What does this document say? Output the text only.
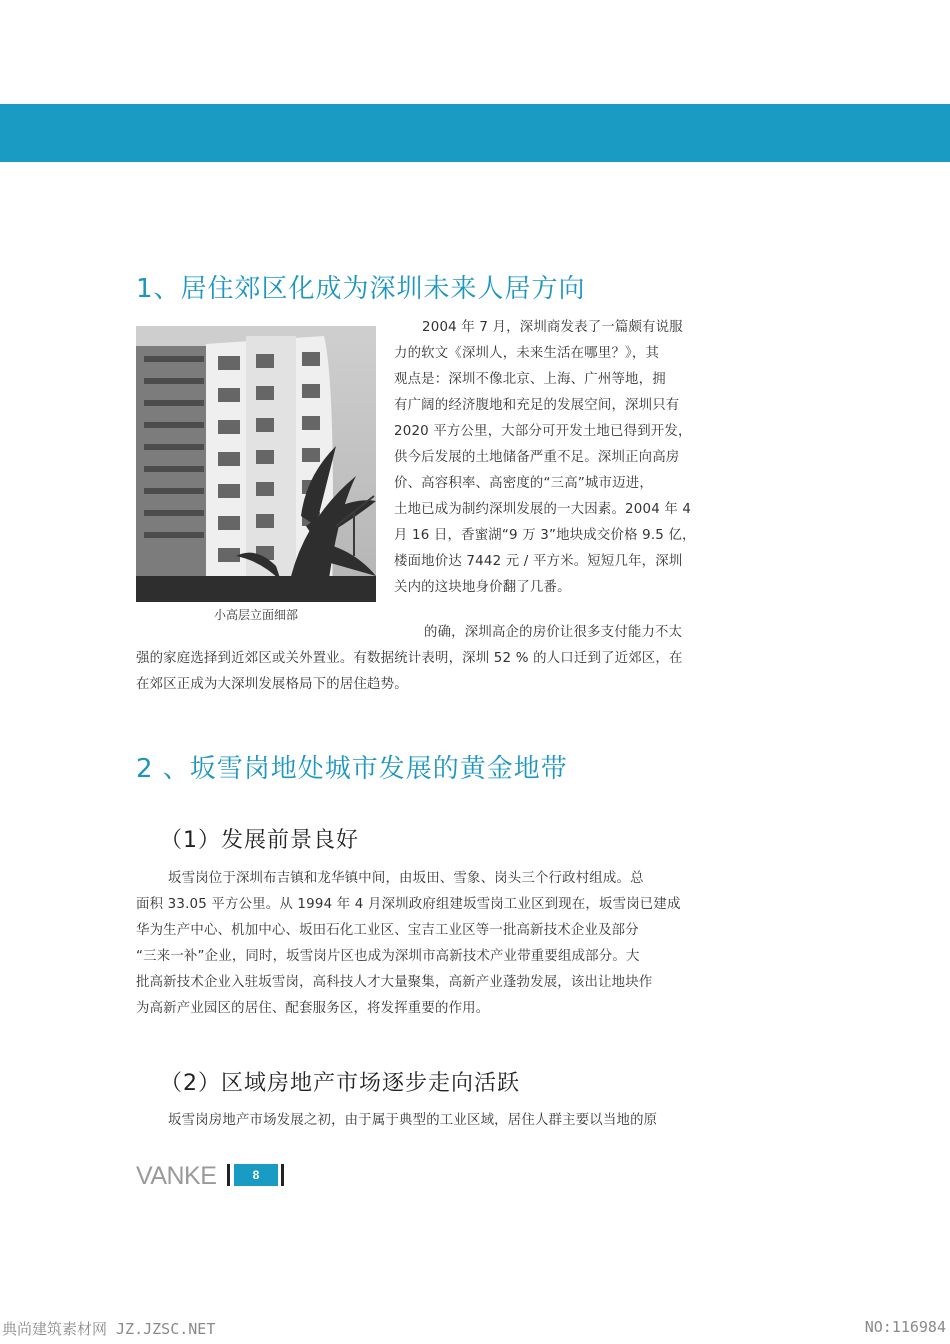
1、居住郊区化成为深圳未来人居方向
小高层立面细部
2004 年 7 月，深圳商发表了一篇颇有说服
力的软文《深圳人，未来生活在哪里？》，其
观点是：深圳不像北京、上海、广州等地，拥
有广阔的经济腹地和充足的发展空间，深圳只有
2020 平方公里，大部分可开发土地已得到开发，
供今后发展的土地储备严重不足。深圳正向高房
价、高容积率、高密度的“三高”城市迈进，
土地已成为制约深圳发展的一大因素。2004 年 4
月 16 日，香蜜湖“9 万 3”地块成交价格 9.5 亿，
楼面地价达 7442 元 / 平方米。短短几年，深圳
关内的这块地身价翻了几番。
的确，深圳高企的房价让很多支付能力不太
强的家庭选择到近郊区或关外置业。有数据统计表明，深圳 52 % 的人口迁到了近郊区，在
在郊区正成为大深圳发展格局下的居住趋势。
2 、坂雪岗地处城市发展的黄金地带
（1）发展前景良好
坂雪岗位于深圳布吉镇和龙华镇中间，由坂田、雪象、岗头三个行政村组成。总
面积 33.05 平方公里。从 1994 年 4 月深圳政府组建坂雪岗工业区到现在，坂雪岗已建成
华为生产中心、机加中心、坂田石化工业区、宝吉工业区等一批高新技术企业及部分
“三来一补”企业，同时，坂雪岗片区也成为深圳市高新技术产业带重要组成部分。大
批高新技术企业入驻坂雪岗，高科技人才大量聚集，高新产业蓬勃发展，该出让地块作
为高新产业园区的居住、配套服务区，将发挥重要的作用。
（2）区域房地产市场逐步走向活跃
坂雪岗房地产市场发展之初，由于属于典型的工业区域，居住人群主要以当地的原
VANKE	8
典尚建筑素材网 JZ.JZSC.NET	NO:116984
